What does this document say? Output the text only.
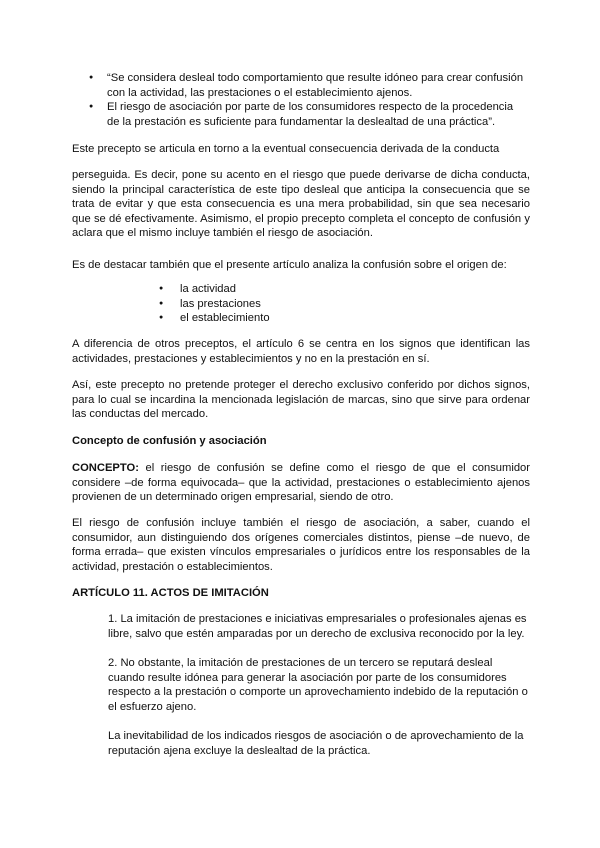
● “Se considera desleal todo comportamiento que resulte idóneo para crear confusión con la actividad, las prestaciones o el establecimiento ajenos.
● El riesgo de asociación por parte de los consumidores respecto de la procedencia de la prestación es suficiente para fundamentar la deslealtad de una práctica”.

Este precepto se articula en torno a la eventual consecuencia derivada de la conducta

perseguida. Es decir, pone su acento en el riesgo que puede derivarse de dicha conducta, siendo la principal característica de este tipo desleal que anticipa la consecuencia que se trata de evitar y que esta consecuencia es una mera probabilidad, sin que sea necesario que se dé efectivamente. Asimismo, el propio precepto completa el concepto de confusión y aclara que el mismo incluye también el riesgo de asociación.

Es de destacar también que el presente artículo analiza la confusión sobre el origen de:

● la actividad
● las prestaciones
● el establecimiento

A diferencia de otros preceptos, el artículo 6 se centra en los signos que identifican las actividades, prestaciones y establecimientos y no en la prestación en sí.

Así, este precepto no pretende proteger el derecho exclusivo conferido por dichos signos, para lo cual se incardina la mencionada legislación de marcas, sino que sirve para ordenar las conductas del mercado.

Concepto de confusión y asociación

CONCEPTO: el riesgo de confusión se define como el riesgo de que el consumidor considere –de forma equivocada– que la actividad, prestaciones o establecimiento ajenos provienen de un determinado origen empresarial, siendo de otro.

El riesgo de confusión incluye también el riesgo de asociación, a saber, cuando el consumidor, aun distinguiendo dos orígenes comerciales distintos, piense –de nuevo, de forma errada– que existen vínculos empresariales o jurídicos entre los responsables de la actividad, prestación o establecimientos.

ARTÍCULO 11. ACTOS DE IMITACIÓN

1. La imitación de prestaciones e iniciativas empresariales o profesionales ajenas es libre, salvo que estén amparadas por un derecho de exclusiva reconocido por la ley.

2. No obstante, la imitación de prestaciones de un tercero se reputará desleal cuando resulte idónea para generar la asociación por parte de los consumidores respecto a la prestación o comporte un aprovechamiento indebido de la reputación o el esfuerzo ajeno.

La inevitabilidad de los indicados riesgos de asociación o de aprovechamiento de la reputación ajena excluye la deslealtad de la práctica.
